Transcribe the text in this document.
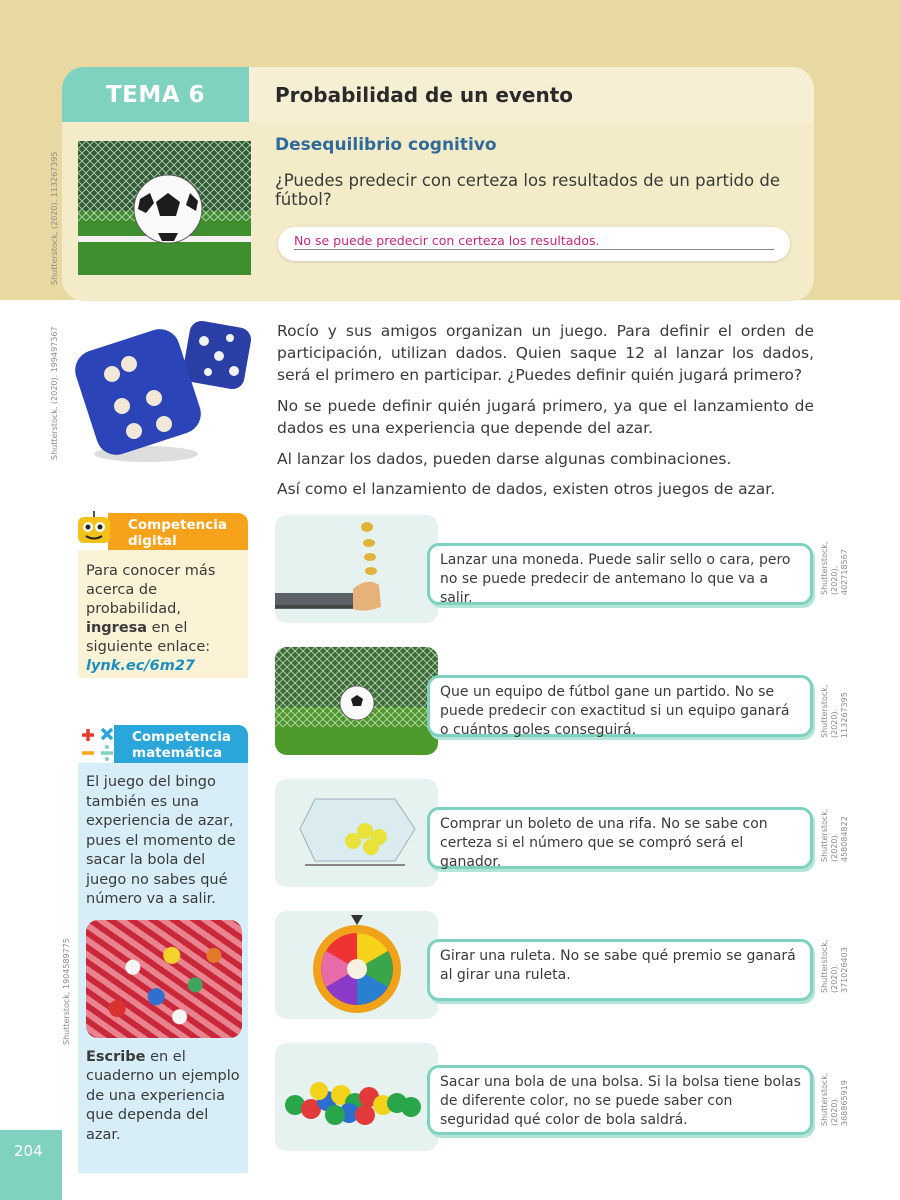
TEMA 6	Probabilidad de un evento
Desequilibrio cognitivo
¿Puedes predecir con certeza los resultados de un partido de fútbol?
No se puede predecir con certeza los resultados.
Shutterstock, (2020). 113267395
Shutterstock, (2020). 199497367	Rocío y sus amigos organizan un juego. Para definir el orden de participación, utilizan dados. Quien saque 12 al lanzar los dados, será el primero en participar. ¿Puedes definir quién jugará primero?
No se puede definir quién jugará primero, ya que el lanzamiento de dados es una experiencia que depende del azar.
Al lanzar los dados, pueden darse algunas combinaciones.
Así como el lanzamiento de dados, existen otros juegos de azar.
Competencia digital
Para conocer más acerca de probabilidad, ingresa en el siguiente enlace:
lynk.ec/6m27
Competencia matemática
El juego del bingo también es una experiencia de azar, pues el momento de sacar la bola del juego no sabes qué número va a salir.
Escribe en el cuaderno un ejemplo de una experiencia que dependa del azar.
Shutterstock, 1904589775
Lanzar una moneda. Puede salir sello o cara, pero no se puede predecir de antemano lo que va a salir.
Shutterstock, (2020). 402718567
Que un equipo de fútbol gane un partido. No se puede predecir con exactitud si un equipo ganará o cuántos goles conseguirá.	Shutterstock, (2020). 113267395
Comprar un boleto de una rifa. No se sabe con certeza si el número que se compró será el ganador.	Shutterstock, (2020). 458084822
Girar una ruleta. No se sabe qué premio se ganará al girar una ruleta.	Shutterstock, (2020). 371026403
Sacar una bola de una bolsa. Si la bolsa tiene bolas de diferente color, no se puede saber con seguridad qué color de bola saldrá.	Shutterstock, (2020). 368865919
204
